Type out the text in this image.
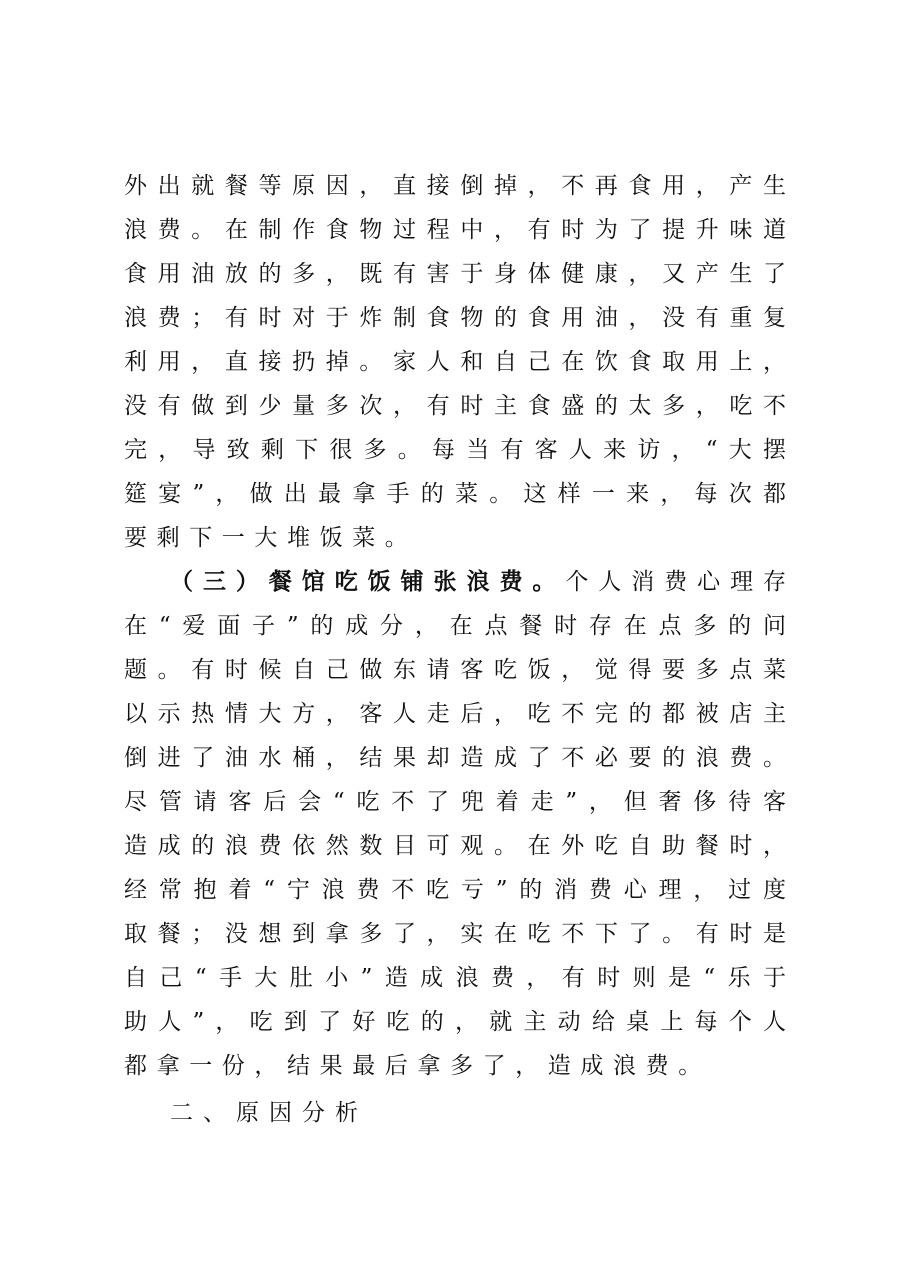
外出就餐等原因，直接倒掉，不再食用，产生
浪费。在制作食物过程中，有时为了提升味道
食用油放的多，既有害于身体健康，又产生了
浪费；有时对于炸制食物的食用油，没有重复
利用，直接扔掉。家人和自己在饮食取用上，
没有做到少量多次，有时主食盛的太多，吃不
完，导致剩下很多。每当有客人来访，“大摆
筵宴”，做出最拿手的菜。这样一来，每次都
要剩下一大堆饭菜。
（三）餐馆吃饭铺张浪费。个人消费心理存
在“爱面子”的成分，在点餐时存在点多的问
题。有时候自己做东请客吃饭，觉得要多点菜
以示热情大方，客人走后，吃不完的都被店主
倒进了油水桶，结果却造成了不必要的浪费。
尽管请客后会“吃不了兜着走”，但奢侈待客
造成的浪费依然数目可观。在外吃自助餐时，
经常抱着“宁浪费不吃亏”的消费心理，过度
取餐；没想到拿多了，实在吃不下了。有时是
自己“手大肚小”造成浪费，有时则是“乐于
助人”，吃到了好吃的，就主动给桌上每个人
都拿一份，结果最后拿多了，造成浪费。
二、原因分析
